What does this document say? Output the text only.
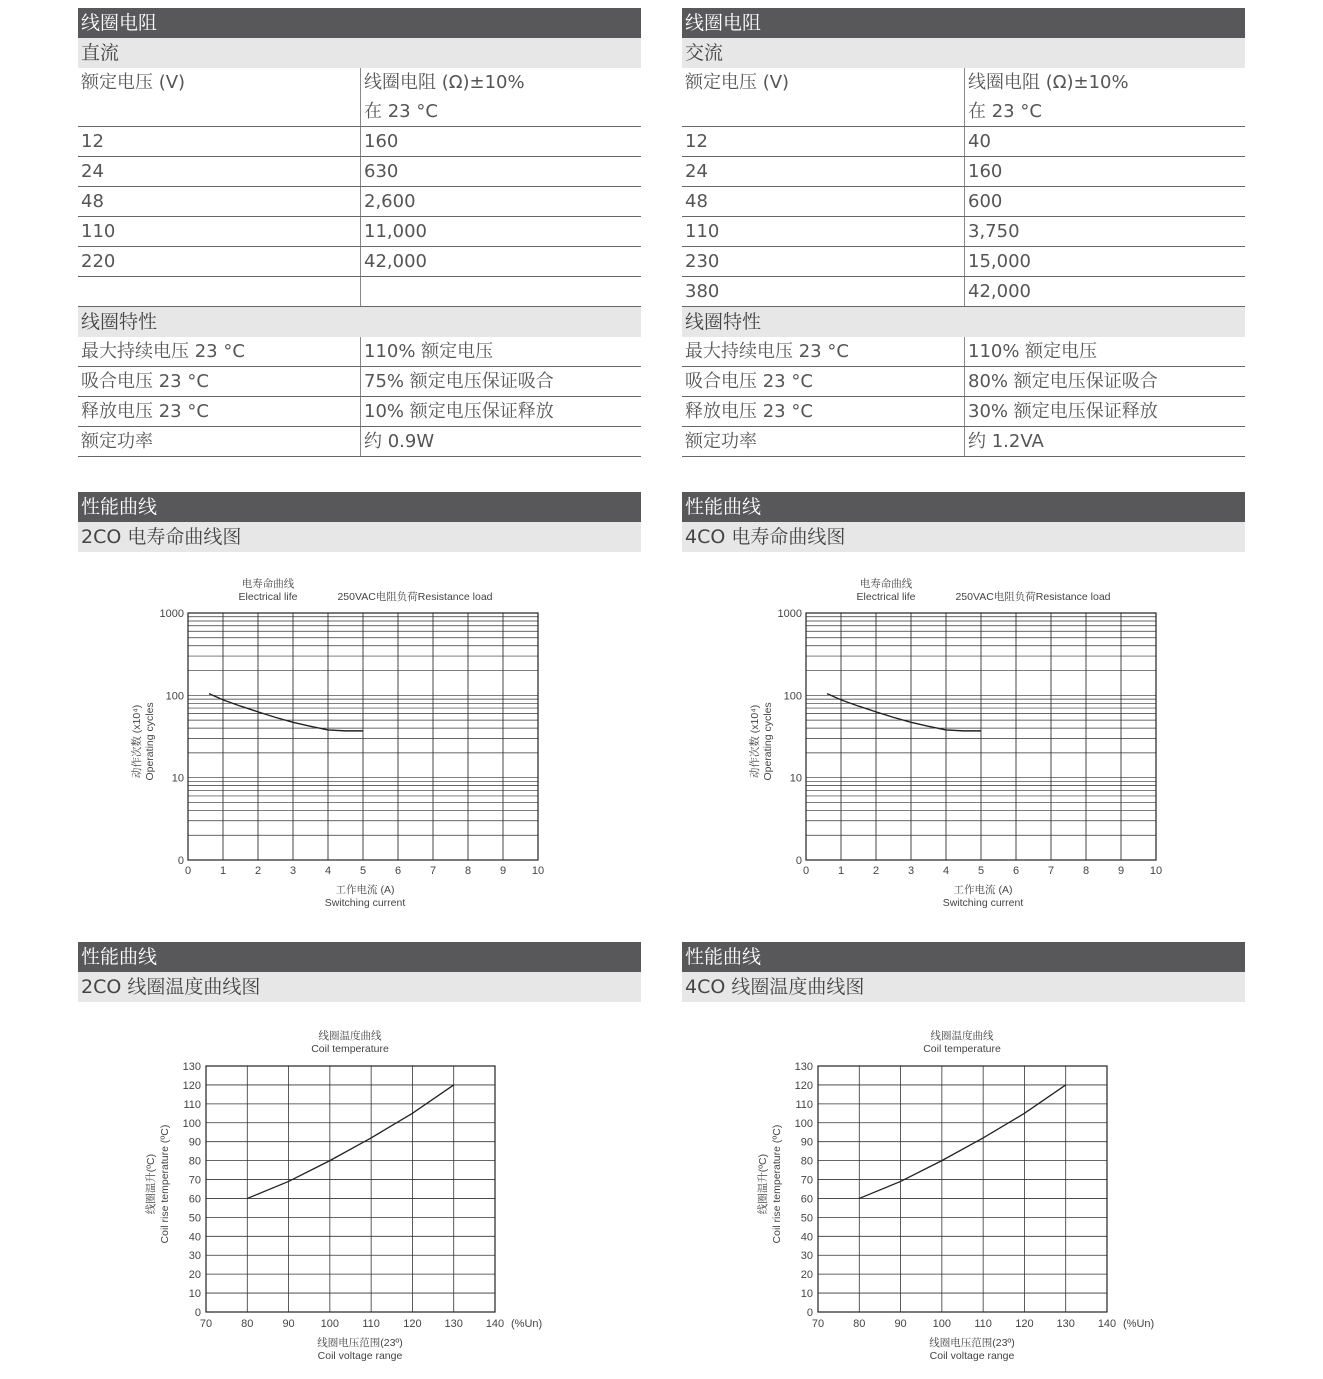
线圈电阻
直流
额定电压 (V)	线圈电阻 (Ω)±10%
	在 23 °C
12	160
24	630
48	2,600
110	11,000
220	42,000

线圈特性
最大持续电压 23 °C	110% 额定电压
吸合电压 23 °C	75% 额定电压保证吸合
释放电压 23 °C	10% 额定电压保证释放
额定功率	约 0.9W
线圈电阻
交流
额定电压 (V)	线圈电阻 (Ω)±10%
	在 23 °C
12	40
24	160
48	600
110	3,750
230	15,000
380	42,000
线圈特性
最大持续电压 23 °C	110% 额定电压
吸合电压 23 °C	80% 额定电压保证吸合
释放电压 23 °C	30% 额定电压保证释放
额定功率	约 1.2VA
性能曲线
2CO 电寿命曲线图
性能曲线
4CO 电寿命曲线图
性能曲线
2CO 线圈温度曲线图
性能曲线
4CO 线圈温度曲线图
0
10
100
1000
0	1	2	3	4	5	6	7	8	9 10
电寿命曲线
Electrical life	250VAC电阻负荷Resistance load
工作电流 (A)
Switching current
动作次数 (x10⁴) Operating cycles
0
10
100
1000
0	1	2	3	4	5	6	7	8	9 10
电寿命曲线
Electrical life	250VAC电阻负荷Resistance load
工作电流 (A)
Switching current
动作次数 (x10⁴) Operating cycles
0
10
20
30
40
50
60
70
80
90
100
110
120
130
70	80	90 100 110 120 130 140 (%Un)
线圈温度曲线
Coil temperature
线圈电压范围(23º)
Coil voltage range
线圈温升(ºC) Coil rise temperature (ºC)
0
10
20
30
40
50
60
70
80
90
100
110
120
130
70	80	90 100 110 120 130 140 (%Un)
线圈温度曲线
Coil temperature
线圈电压范围(23º)
Coil voltage range
线圈温升(ºC) Coil rise temperature (ºC)
